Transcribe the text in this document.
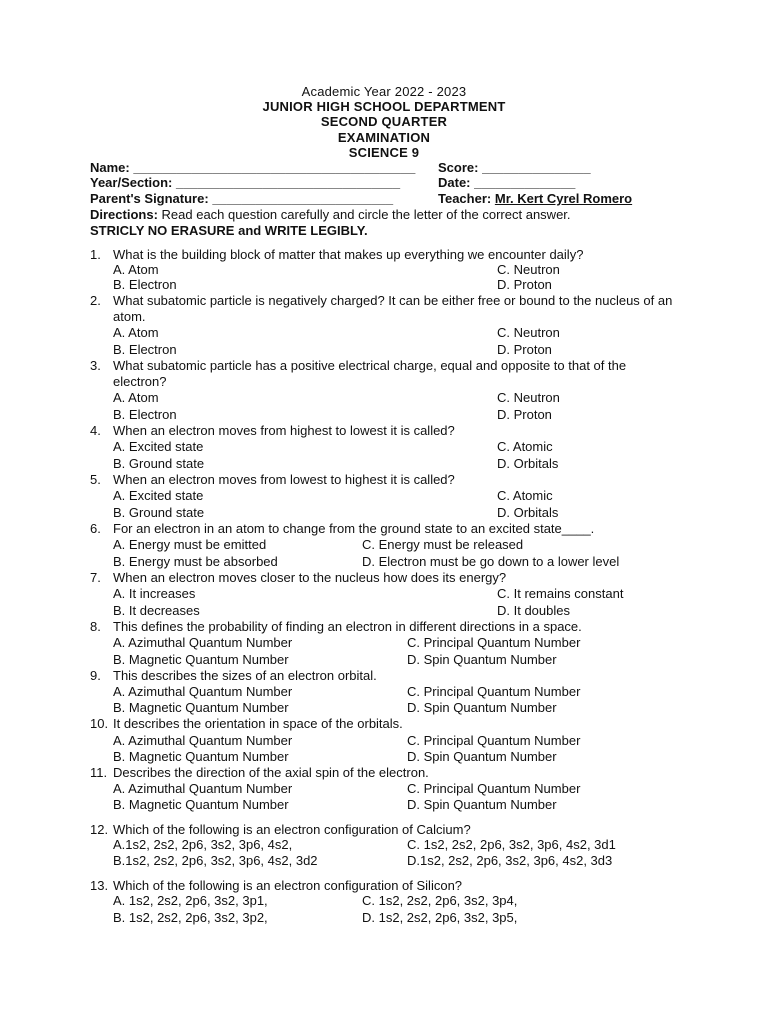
Academic Year 2022 - 2023
JUNIOR HIGH SCHOOL DEPARTMENT
SECOND QUARTER
EXAMINATION
SCIENCE 9
Name: _______________________________________ Score: _______________
Year/Section: _______________________________	Date: ______________
Parent's Signature: _________________________	Teacher: Mr. Kert Cyrel Romero
Directions: Read each question carefully and circle the letter of the correct answer.
STRICLY NO ERASURE and WRITE LEGIBLY.
1. What is the building block of matter that makes up everything we encounter daily?
A. Atom	C. Neutron
B. Electron	D. Proton
2. What subatomic particle is negatively charged? It can be either free or bound to the nucleus of an atom.
A. Atom	C. Neutron
B. Electron	D. Proton
3. What subatomic particle has a positive electrical charge, equal and opposite to that of the electron?
A. Atom	C. Neutron
B. Electron	D. Proton
4. When an electron moves from highest to lowest it is called?
A. Excited state	C. Atomic
B. Ground state	D. Orbitals
5. When an electron moves from lowest to highest it is called?
A. Excited state	C. Atomic
B. Ground state	D. Orbitals
6. For an electron in an atom to change from the ground state to an excited state____.
A. Energy must be emitted	C. Energy must be released
B. Energy must be absorbed	D. Electron must be go down to a lower level
7. When an electron moves closer to the nucleus how does its energy?
A. It increases	C. It remains constant
B. It decreases	D. It doubles
8. This defines the probability of finding an electron in different directions in a space.
A. Azimuthal Quantum Number	C. Principal Quantum Number
B. Magnetic Quantum Number	D. Spin Quantum Number
9. This describes the sizes of an electron orbital.
A. Azimuthal Quantum Number	C. Principal Quantum Number
B. Magnetic Quantum Number	D. Spin Quantum Number
10. It describes the orientation in space of the orbitals.
A. Azimuthal Quantum Number	C. Principal Quantum Number
B. Magnetic Quantum Number	D. Spin Quantum Number
11. Describes the direction of the axial spin of the electron.
A. Azimuthal Quantum Number	C. Principal Quantum Number
B. Magnetic Quantum Number	D. Spin Quantum Number
12. Which of the following is an electron configuration of Calcium?
A.1s2, 2s2, 2p6, 3s2, 3p6, 4s2,	C. 1s2, 2s2, 2p6, 3s2, 3p6, 4s2, 3d1
B.1s2, 2s2, 2p6, 3s2, 3p6, 4s2, 3d2	D.1s2, 2s2, 2p6, 3s2, 3p6, 4s2, 3d3
13. Which of the following is an electron configuration of Silicon?
A. 1s2, 2s2, 2p6, 3s2, 3p1,	C. 1s2, 2s2, 2p6, 3s2, 3p4,
B. 1s2, 2s2, 2p6, 3s2, 3p2,	D. 1s2, 2s2, 2p6, 3s2, 3p5,
